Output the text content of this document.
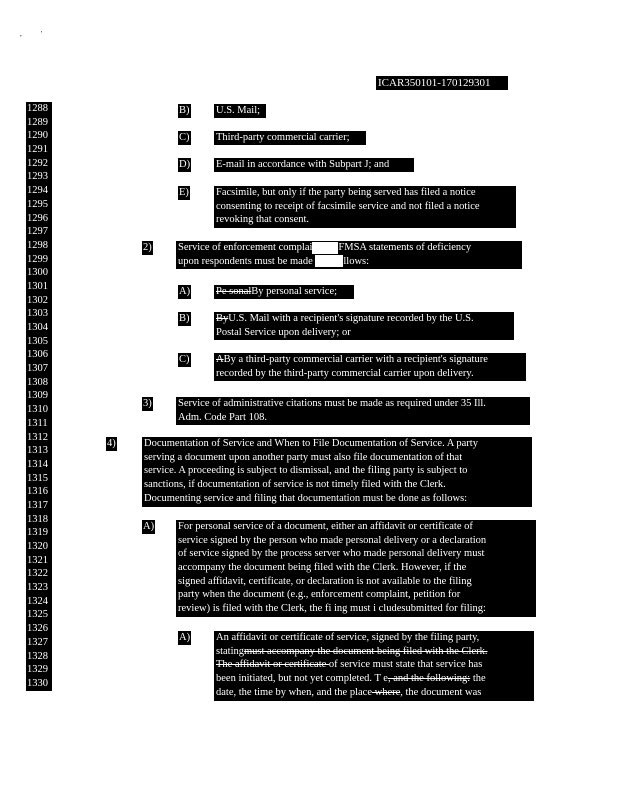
,           '
ICAR350101-170129301
1288
1289
1290
1291
1292
1293
1294
1295
1296
1297
1298
1299
1300
1301
1302
1303
1304
1305
1306
1307
1308
1309
1310
1311
1312
1313
1314
1315
1316
1317
1318
1319
1320
1321
1322
1323
1324
1325
1326
1327
1328
1329
1330
B)	U.S. Mail;
C)	Third-party commercial carrier;
D) E-mail in accordance with Subpart J; and
E)	Facsimile, but only if the party being served has filed a notice
consenting to receipt of facsimile service and not filed a notice
revoking that consent.
2)	Service of enforcement complai FMSA statements of deficiency
upon respondents must be made	llows:
A) Pe sonalBy personal service;
B)	ByU.S. Mail with a recipient's signature recorded by the U.S.
Postal Service upon delivery; or
C)	ABy a third-party commercial carrier with a recipient's signature
recorded by the third-party commercial carrier upon delivery.
3)	Service of administrative citations must be made as required under 35 Ill.
Adm. Code Part 108.
4)	Documentation of Service and When to File Documentation of Service. A party
serving a document upon another party must also file documentation of that
service. A proceeding is subject to dismissal, and the filing party is subject to
sanctions, if documentation of service is not timely filed with the Clerk.
Documenting service and filing that documentation must be done as follows:
A) For personal service of a document, either an affidavit or certificate of
service signed by the person who made personal delivery or a declaration
of service signed by the process server who made personal delivery must
accompany the document being filed with the Clerk. However, if the
signed affidavit, certificate, or declaration is not available to the filing
party when the document (e.g., enforcement complaint, petition for
review) is filed with the Clerk, the fi ing must i cludesubmitted for filing:
A) An affidavit or certificate of service, signed by the filing party,
statingmust accompany the document being filed with the Clerk.
The affidavit or certificate of service must state that service has
been initiated, but not yet completed. T e, and the following: the
date, the time by when, and the place where, the document was
